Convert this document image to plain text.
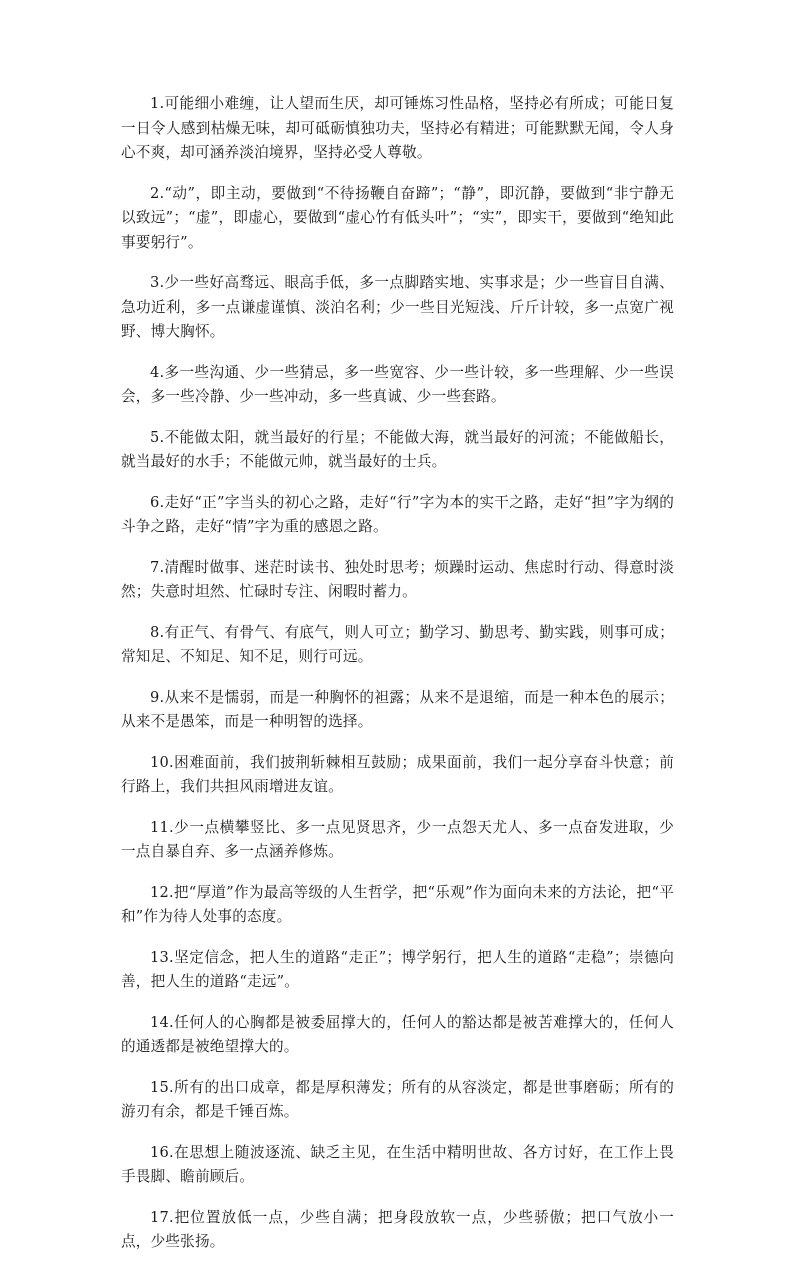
1.可能细小难缠，让人望而生厌，却可锤炼习性品格，坚持必有所成；可能日复一日令人感到枯燥无味，却可砥砺慎独功夫，坚持必有精进；可能默默无闻，令人身心不爽，却可涵养淡泊境界，坚持必受人尊敬。

2.“动”，即主动，要做到“不待扬鞭自奋蹄”；“静”，即沉静，要做到“非宁静无以致远”；“虚”，即虚心，要做到“虚心竹有低头叶”；“实”，即实干，要做到“绝知此事要躬行”。

3.少一些好高骛远、眼高手低，多一点脚踏实地、实事求是；少一些盲目自满、急功近利，多一点谦虚谨慎、淡泊名利；少一些目光短浅、斤斤计较，多一点宽广视野、博大胸怀。

4.多一些沟通、少一些猜忌，多一些宽容、少一些计较，多一些理解、少一些误会，多一些冷静、少一些冲动，多一些真诚、少一些套路。

5.不能做太阳，就当最好的行星；不能做大海，就当最好的河流；不能做船长，就当最好的水手；不能做元帅，就当最好的士兵。

6.走好“正”字当头的初心之路，走好“行”字为本的实干之路，走好“担”字为纲的斗争之路，走好“情”字为重的感恩之路。

7.清醒时做事、迷茫时读书、独处时思考；烦躁时运动、焦虑时行动、得意时淡然；失意时坦然、忙碌时专注、闲暇时蓄力。

8.有正气、有骨气、有底气，则人可立；勤学习、勤思考、勤实践，则事可成；常知足、不知足、知不足，则行可远。

9.从来不是懦弱，而是一种胸怀的袒露；从来不是退缩，而是一种本色的展示；从来不是愚笨，而是一种明智的选择。

10.困难面前，我们披荆斩棘相互鼓励；成果面前，我们一起分享奋斗快意；前行路上，我们共担风雨增进友谊。

11.少一点横攀竖比、多一点见贤思齐，少一点怨天尤人、多一点奋发进取，少一点自暴自弃、多一点涵养修炼。

12.把“厚道”作为最高等级的人生哲学，把“乐观”作为面向未来的方法论，把“平和”作为待人处事的态度。

13.坚定信念，把人生的道路“走正”；博学躬行，把人生的道路“走稳”；崇德向善，把人生的道路“走远”。

14.任何人的心胸都是被委屈撑大的，任何人的豁达都是被苦难撑大的，任何人的通透都是被绝望撑大的。

15.所有的出口成章，都是厚积薄发；所有的从容淡定，都是世事磨砺；所有的游刃有余，都是千锤百炼。

16.在思想上随波逐流、缺乏主见，在生活中精明世故、各方讨好，在工作上畏手畏脚、瞻前顾后。

17.把位置放低一点，少些自满；把身段放软一点，少些骄傲；把口气放小一点，少些张扬。
